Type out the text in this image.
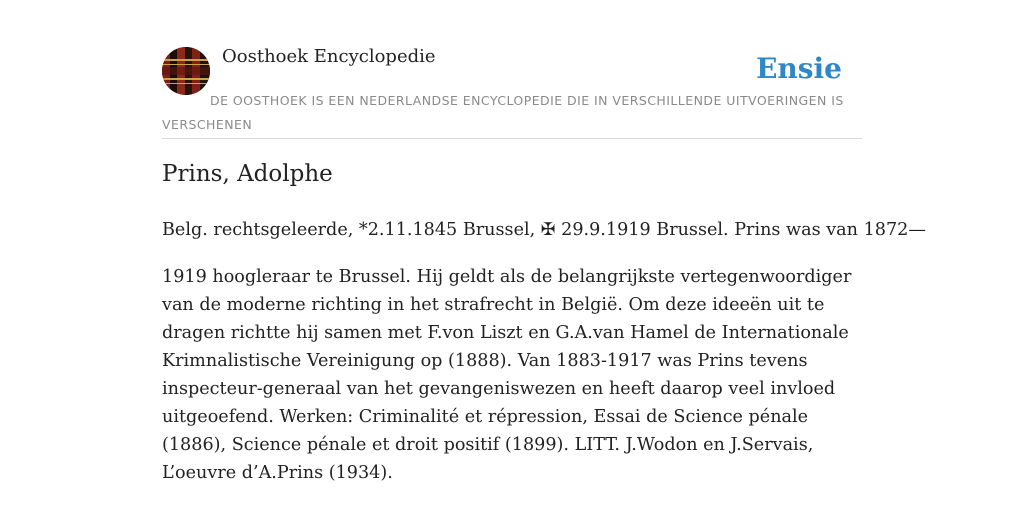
Oosthoek Encyclopedie	Ensie
DE OOSTHOEK IS EEN NEDERLANDSE ENCYCLOPEDIE DIE IN VERSCHILLENDE UITVOERINGEN IS VERSCHENEN
Prins, Adolphe

Belg. rechtsgeleerde, *2.11.1845 Brussel, ✠ 29.9.1919 Brussel. Prins was van 1872—

1919 hoogleraar te Brussel. Hij geldt als de belangrijkste vertegenwoordiger van de moderne richting in het strafrecht in België. Om deze ideeën uit te dragen richtte hij samen met F.von Liszt en G.A.van Hamel de Internationale Krimnalistische Vereinigung op (1888). Van 1883-1917 was Prins tevens inspecteur-generaal van het gevangeniswezen en heeft daarop veel invloed uitgeoefend. Werken: Criminalité et répression, Essai de Science pénale (1886), Science pénale et droit positif (1899). LITT. J.Wodon en J.Servais, L’oeuvre d’A.Prins (1934).
